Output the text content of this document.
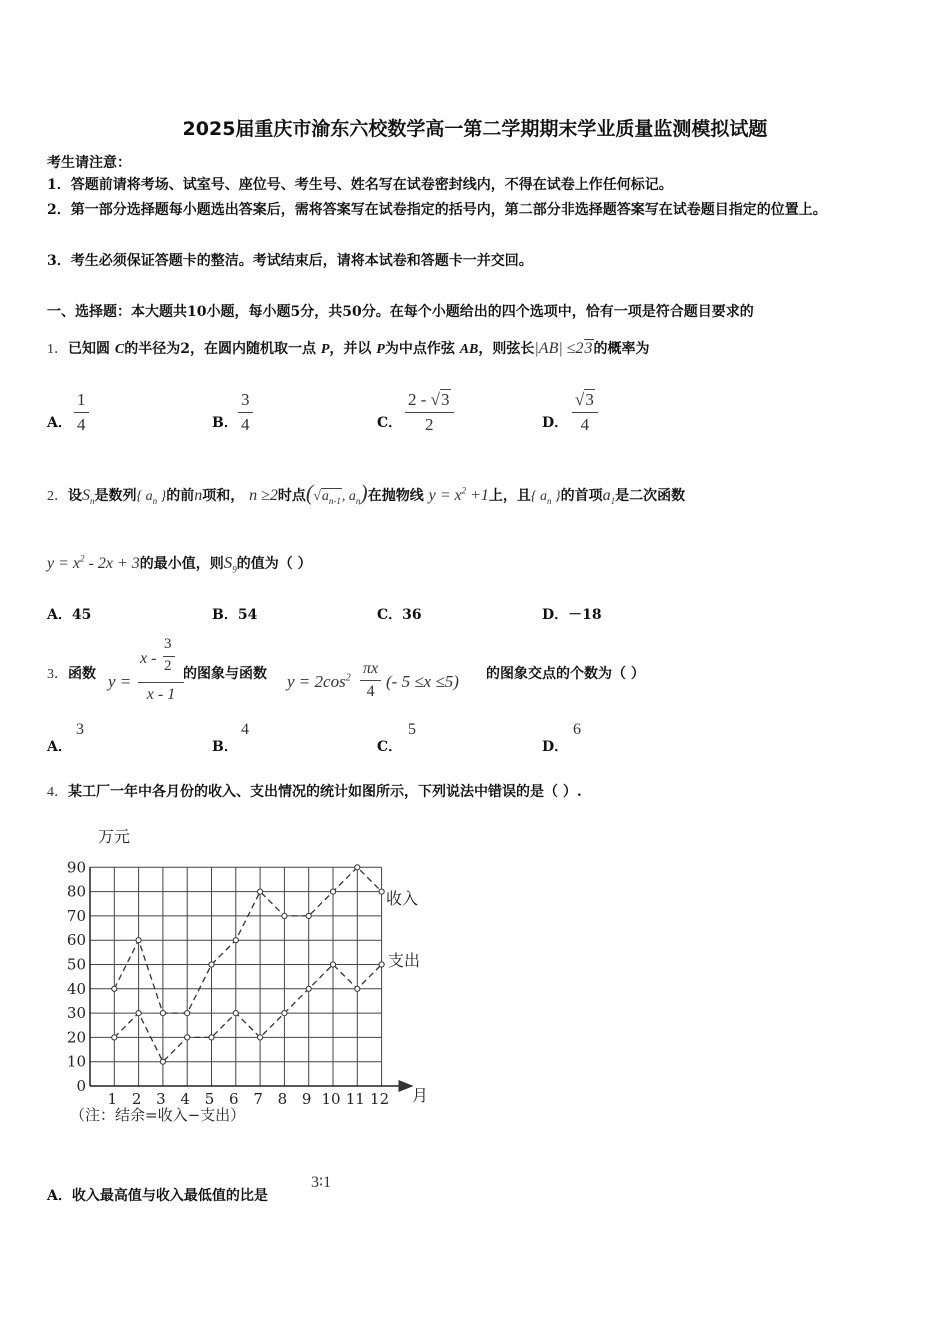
2025届重庆市渝东六校数学高一第二学期期末学业质量监测模拟试题
考生请注意：
1．答题前请将考场、试室号、座位号、考生号、姓名写在试卷密封线内，不得在试卷上作任何标记。
2．第一部分选择题每小题选出答案后，需将答案写在试卷指定的括号内，第二部分非选择题答案写在试卷题目指定的位置上。
3．考生必须保证答题卡的整洁。考试结束后，请将本试卷和答题卡一并交回。
一、选择题：本大题共10小题，每小题5分，共50分。在每个小题给出的四个选项中，恰有一项是符合题目要求的
1．已知圆 C的半径为2，在圆内随机取一点 P，并以 P为中点作弦 AB，则弦长|AB| ≤23的概率为
A． $\frac{1}{4}$	B． $\frac{3}{4}$	C． $\frac{2 - √3}{2}$	D． $\frac{√3}{4}$
2．设$S_n$是数列{ $a_n$ }的前n项和， n ≥2时点($√a_{n-1}$, $a_n$)在抛物线 $y = x^2 +1$上，且{ $a_n$ }的首项$a_1$是二次函数
$y = x^2 - 2x + 3$的最小值，则$S_9$的值为（ ）
A．45	B．54	C．36	D．－18
3．函数 y =
x -
3
2
x - 1
的图象与函数 $y = 2\cos^2 \frac{\pi x}{4}$ (- 5 ≤x ≤5) 的图象交点的个数为（ ）
A．
3
B．
4
C．
5
D．
6
4．某工厂一年中各月份的收入、支出情况的统计如图所示，下列说法中错误的是（ ）.
0
10
20
30
40
50
60
70
80
90
1 2 3 4 5 6 7 8 9 10 11 12
万元
月
（注：结余=收入−支出）
收入
支出
A．收入最高值与收入最低值的比是
3∶1
